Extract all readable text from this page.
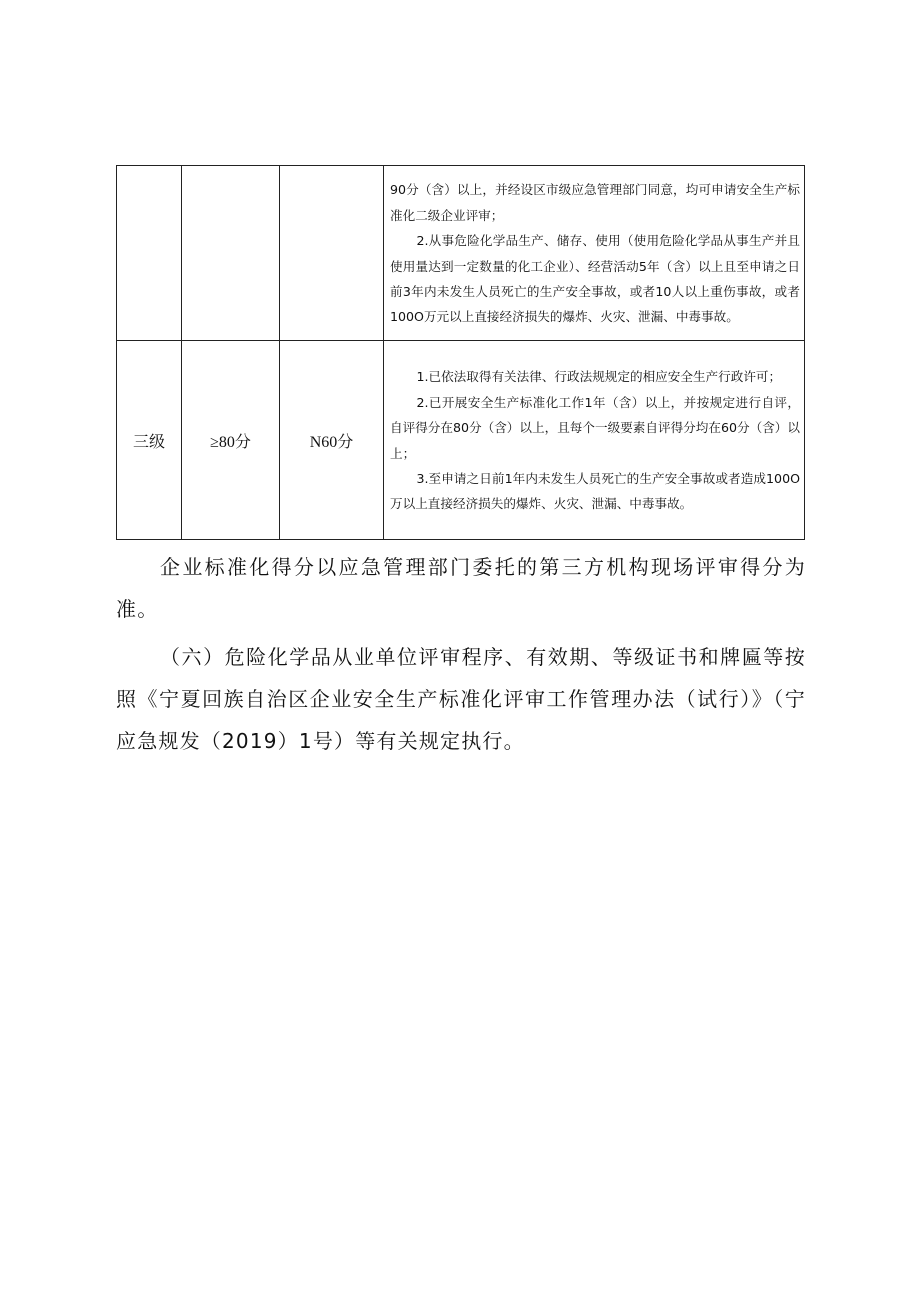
			90分（含）以上，并经设区市级应急管理部门同意，均可申请安全生产标准化二级企业评审；

2.从事危险化学品生产、储存、使用（使用危险化学品从事生产并且使用量达到一定数量的化工企业）、经营活动5年（含）以上且至申请之日前3年内未发生人员死亡的生产安全事故，或者10人以上重伤事故，或者100O万元以上直接经济损失的爆炸、火灾、泄漏、中毒事故。

三级	≥80分	N60分	1.已依法取得有关法律、行政法规规定的相应安全生产行政许可；

2.已开展安全生产标准化工作1年（含）以上，并按规定进行自评，自评得分在80分（含）以上，且每个一级要素自评得分均在60分（含）以上；

3.至申请之日前1年内未发生人员死亡的生产安全事故或者造成100O万以上直接经济损失的爆炸、火灾、泄漏、中毒事故。

企业标准化得分以应急管理部门委托的第三方机构现场评审得分为准。

（六）危险化学品从业单位评审程序、有效期、等级证书和牌匾等按照《宁夏回族自治区企业安全生产标准化评审工作管理办法（试行）》（宁应急规发（2019）1号）等有关规定执行。
